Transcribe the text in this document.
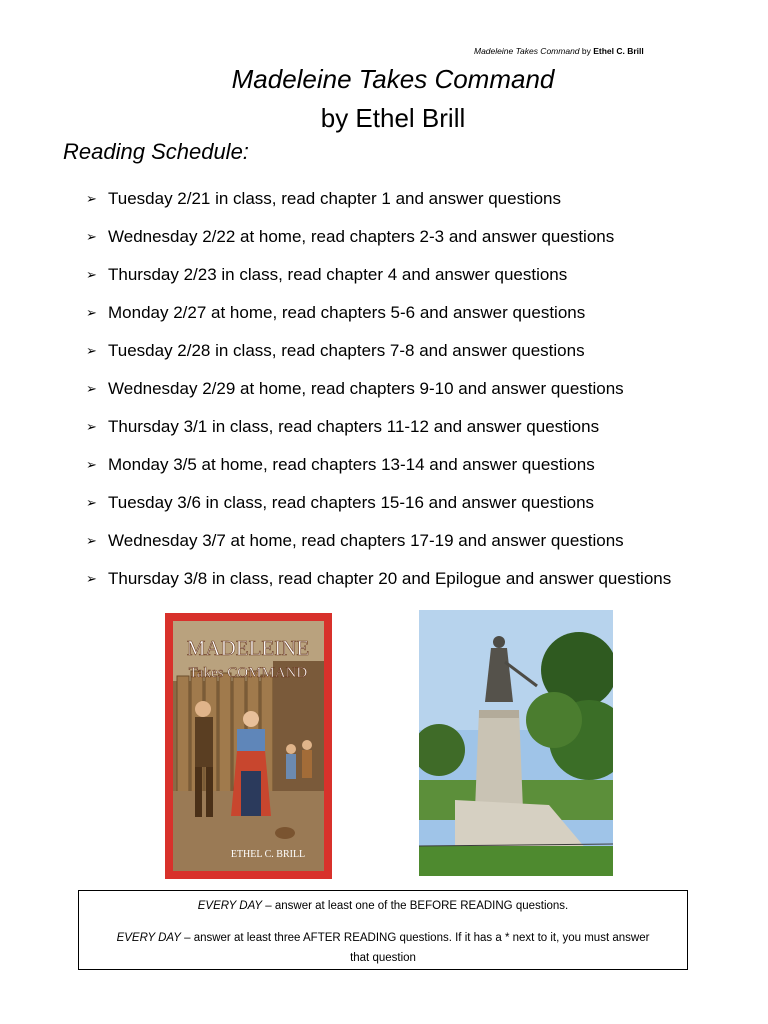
Madeleine Takes Command by Ethel C. Brill
Madeleine Takes Command
by Ethel Brill
Reading Schedule:
➢ Tuesday 2/21 in class, read chapter 1 and answer questions
➢ Wednesday 2/22 at home, read chapters 2-3 and answer questions
➢ Thursday 2/23 in class, read chapter 4 and answer questions
➢ Monday 2/27 at home, read chapters 5-6 and answer questions
➢ Tuesday 2/28 in class, read chapters 7-8 and answer questions
➢ Wednesday 2/29 at home, read chapters 9-10 and answer questions
➢ Thursday 3/1 in class, read chapters 11-12 and answer questions
➢ Monday 3/5 at home, read chapters 13-14 and answer questions
➢ Tuesday 3/6 in class, read chapters 15-16 and answer questions
➢ Wednesday 3/7 at home, read chapters 17-19 and answer questions
➢ Thursday 3/8 in class, read chapter 20 and Epilogue and answer questions
MADELEINE
Takes COMMAND
ETHEL C. BRILL

EVERY DAY – answer at least one of the BEFORE READING questions.

EVERY DAY – answer at least three AFTER READING questions. If it has a * next to it, you must answer that question
